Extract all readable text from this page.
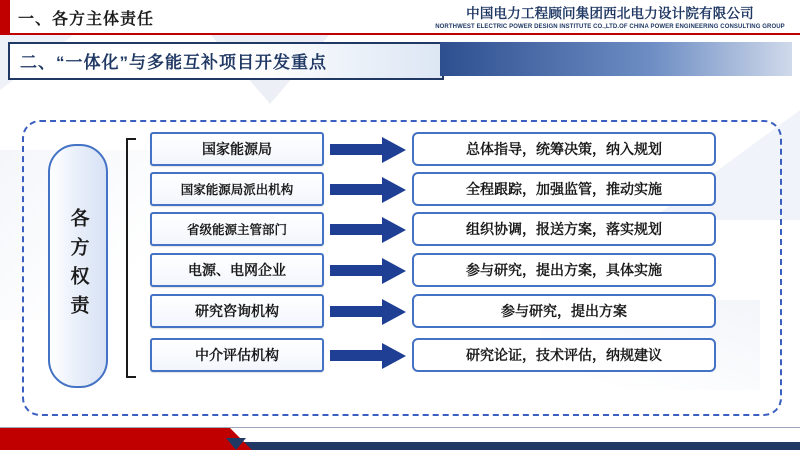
一、各方主体责任	中国电力工程顾问集团西北电力设计院有限公司
NORTHWEST ELECTRIC POWER DESIGN INSTITUTE CO.,LTD.OF CHINA POWER ENGINEERING CONSULTING GROUP
二、“一体化”与多能互补项目开发重点
各方权责
国家能源局	总体指导，统筹决策，纳入规划
国家能源局派出机构	全程跟踪，加强监管，推动实施
省级能源主管部门	组织协调，报送方案，落实规划
电源、电网企业	参与研究，提出方案，具体实施
研究咨询机构	参与研究，提出方案
中介评估机构	研究论证，技术评估，纳规建议
